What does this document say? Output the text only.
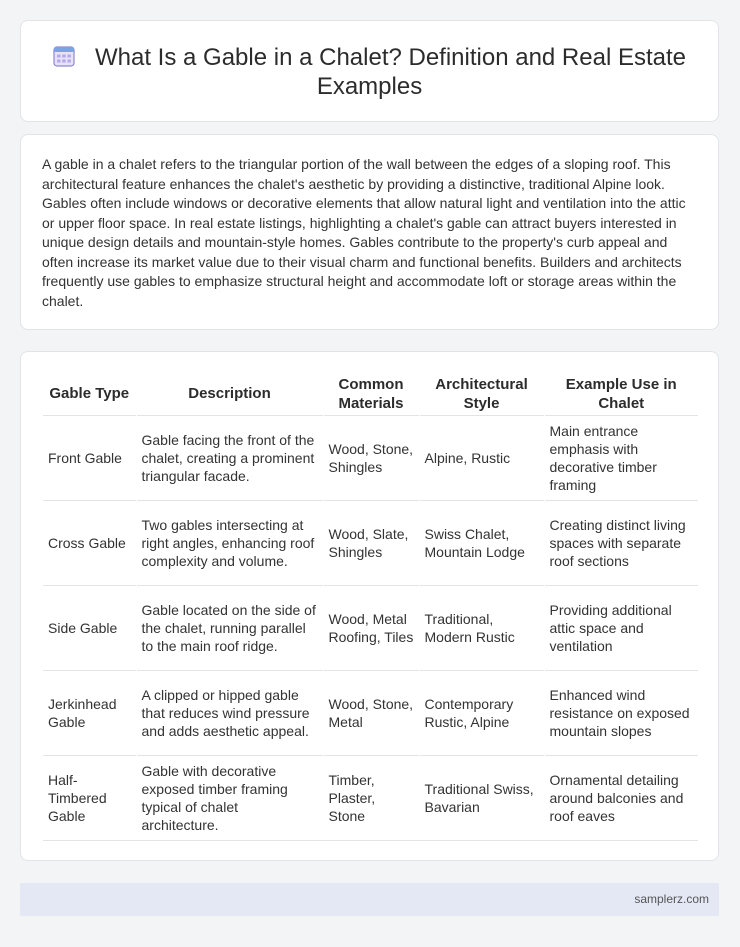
What Is a Gable in a Chalet? Definition and Real Estate Examples

A gable in a chalet refers to the triangular portion of the wall between the edges of a sloping roof. This architectural feature enhances the chalet's aesthetic by providing a distinctive, traditional Alpine look. Gables often include windows or decorative elements that allow natural light and ventilation into the attic or upper floor space. In real estate listings, highlighting a chalet's gable can attract buyers interested in unique design details and mountain-style homes. Gables contribute to the property's curb appeal and often increase its market value due to their visual charm and functional benefits. Builders and architects frequently use gables to emphasize structural height and accommodate loft or storage areas within the chalet.

Gable Type	Description	Common Materials	Architectural Style	Example Use in Chalet
Front Gable	Gable facing the front of the chalet, creating a prominent triangular facade.	Wood, Stone, Shingles	Alpine, Rustic	Main entrance emphasis with decorative timber framing
Cross Gable	Two gables intersecting at right angles, enhancing roof complexity and volume.	Wood, Slate, Shingles	Swiss Chalet, Mountain Lodge	Creating distinct living spaces with separate roof sections
Side Gable	Gable located on the side of the chalet, running parallel to the main roof ridge.	Wood, Metal Roofing, Tiles	Traditional, Modern Rustic	Providing additional attic space and ventilation
Jerkinhead Gable	A clipped or hipped gable that reduces wind pressure and adds aesthetic appeal.	Wood, Stone, Metal	Contemporary Rustic, Alpine	Enhanced wind resistance on exposed mountain slopes
Half-Timbered Gable	Gable with decorative exposed timber framing typical of chalet architecture.	Timber, Plaster, Stone	Traditional Swiss, Bavarian	Ornamental detailing around balconies and roof eaves
samplerz.com
